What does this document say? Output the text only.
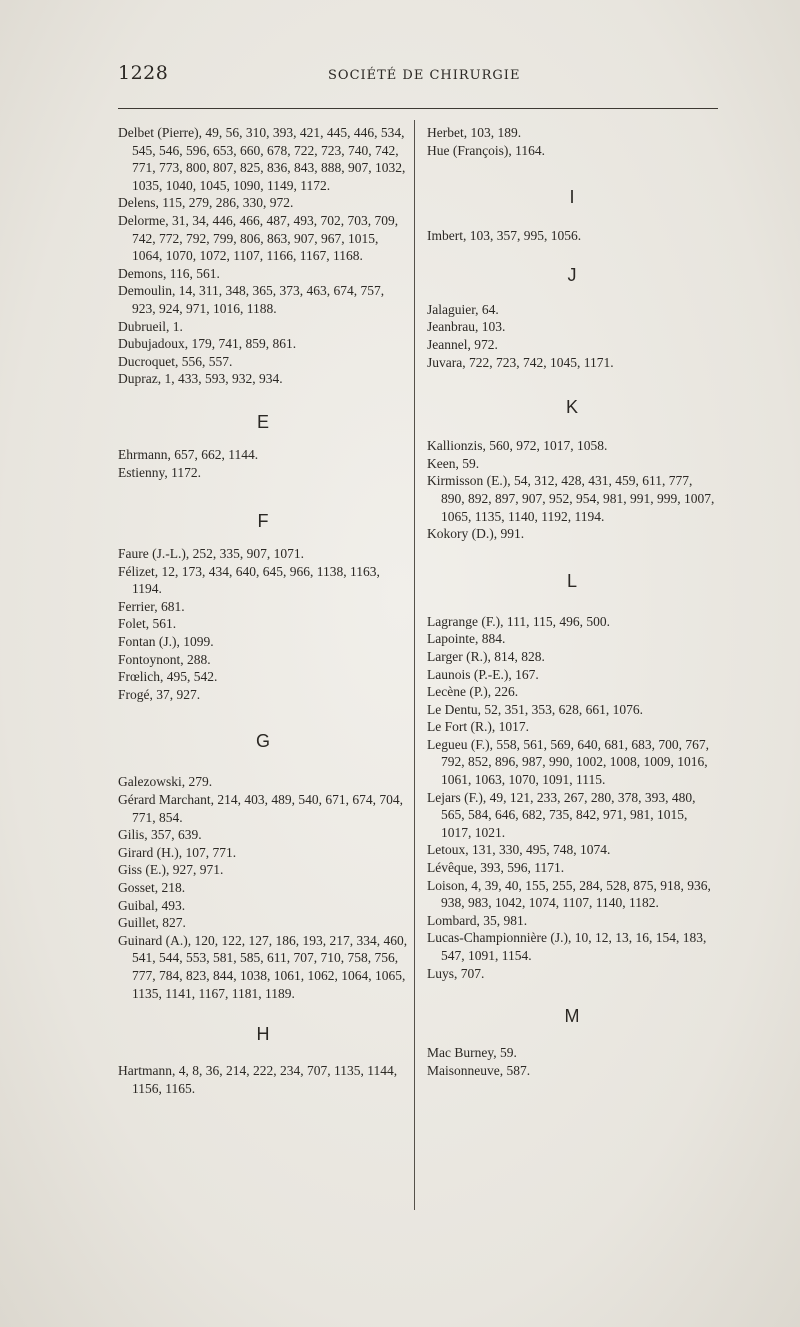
1228	SOCIÉTÉ DE CHIRURGIE

Delbet (Pierre), 49, 56, 310, 393, 421, 445, 446, 534, 545, 546, 596, 653, 660, 678, 722, 723, 740, 742, 771, 773, 800, 807, 825, 836, 843, 888, 907, 1032, 1035, 1040, 1045, 1090, 1149, 1172.

Delens, 115, 279, 286, 330, 972.

Delorme, 31, 34, 446, 466, 487, 493, 702, 703, 709, 742, 772, 792, 799, 806, 863, 907, 967, 1015, 1064, 1070, 1072, 1107, 1166, 1167, 1168.

Demons, 116, 561.

Demoulin, 14, 311, 348, 365, 373, 463, 674, 757, 923, 924, 971, 1016, 1188.

Dubrueil, 1.

Dubujadoux, 179, 741, 859, 861.

Ducroquet, 556, 557.

Dupraz, 1, 433, 593, 932, 934.

E

Ehrmann, 657, 662, 1144.

Estienny, 1172.

F

Faure (J.-L.), 252, 335, 907, 1071.

Félizet, 12, 173, 434, 640, 645, 966, 1138, 1163, 1194.

Ferrier, 681.

Folet, 561.

Fontan (J.), 1099.

Fontoynont, 288.

Frœlich, 495, 542.

Frogé, 37, 927.

G

Galezowski, 279.

Gérard Marchant, 214, 403, 489, 540, 671, 674, 704, 771, 854.

Gilis, 357, 639.

Girard (H.), 107, 771.

Giss (E.), 927, 971.

Gosset, 218.

Guibal, 493.

Guillet, 827.

Guinard (A.), 120, 122, 127, 186, 193, 217, 334, 460, 541, 544, 553, 581, 585, 611, 707, 710, 758, 756, 777, 784, 823, 844, 1038, 1061, 1062, 1064, 1065, 1135, 1141, 1167, 1181, 1189.

H

Hartmann, 4, 8, 36, 214, 222, 234, 707, 1135, 1144, 1156, 1165.

Herbet, 103, 189.

Hue (François), 1164.

I

Imbert, 103, 357, 995, 1056.

J

Jalaguier, 64.

Jeanbrau, 103.

Jeannel, 972.

Juvara, 722, 723, 742, 1045, 1171.

K

Kallionzis, 560, 972, 1017, 1058.

Keen, 59.

Kirmisson (E.), 54, 312, 428, 431, 459, 611, 777, 890, 892, 897, 907, 952, 954, 981, 991, 999, 1007, 1065, 1135, 1140, 1192, 1194.

Kokory (D.), 991.

L

Lagrange (F.), 111, 115, 496, 500.

Lapointe, 884.

Larger (R.), 814, 828.

Launois (P.-E.), 167.

Lecène (P.), 226.

Le Dentu, 52, 351, 353, 628, 661, 1076.

Le Fort (R.), 1017.

Legueu (F.), 558, 561, 569, 640, 681, 683, 700, 767, 792, 852, 896, 987, 990, 1002, 1008, 1009, 1016, 1061, 1063, 1070, 1091, 1115.

Lejars (F.), 49, 121, 233, 267, 280, 378, 393, 480, 565, 584, 646, 682, 735, 842, 971, 981, 1015, 1017, 1021.

Letoux, 131, 330, 495, 748, 1074.

Lévêque, 393, 596, 1171.

Loison, 4, 39, 40, 155, 255, 284, 528, 875, 918, 936, 938, 983, 1042, 1074, 1107, 1140, 1182.

Lombard, 35, 981.

Lucas-Championnière (J.), 10, 12, 13, 16, 154, 183, 547, 1091, 1154.

Luys, 707.

M

Mac Burney, 59.

Maisonneuve, 587.
